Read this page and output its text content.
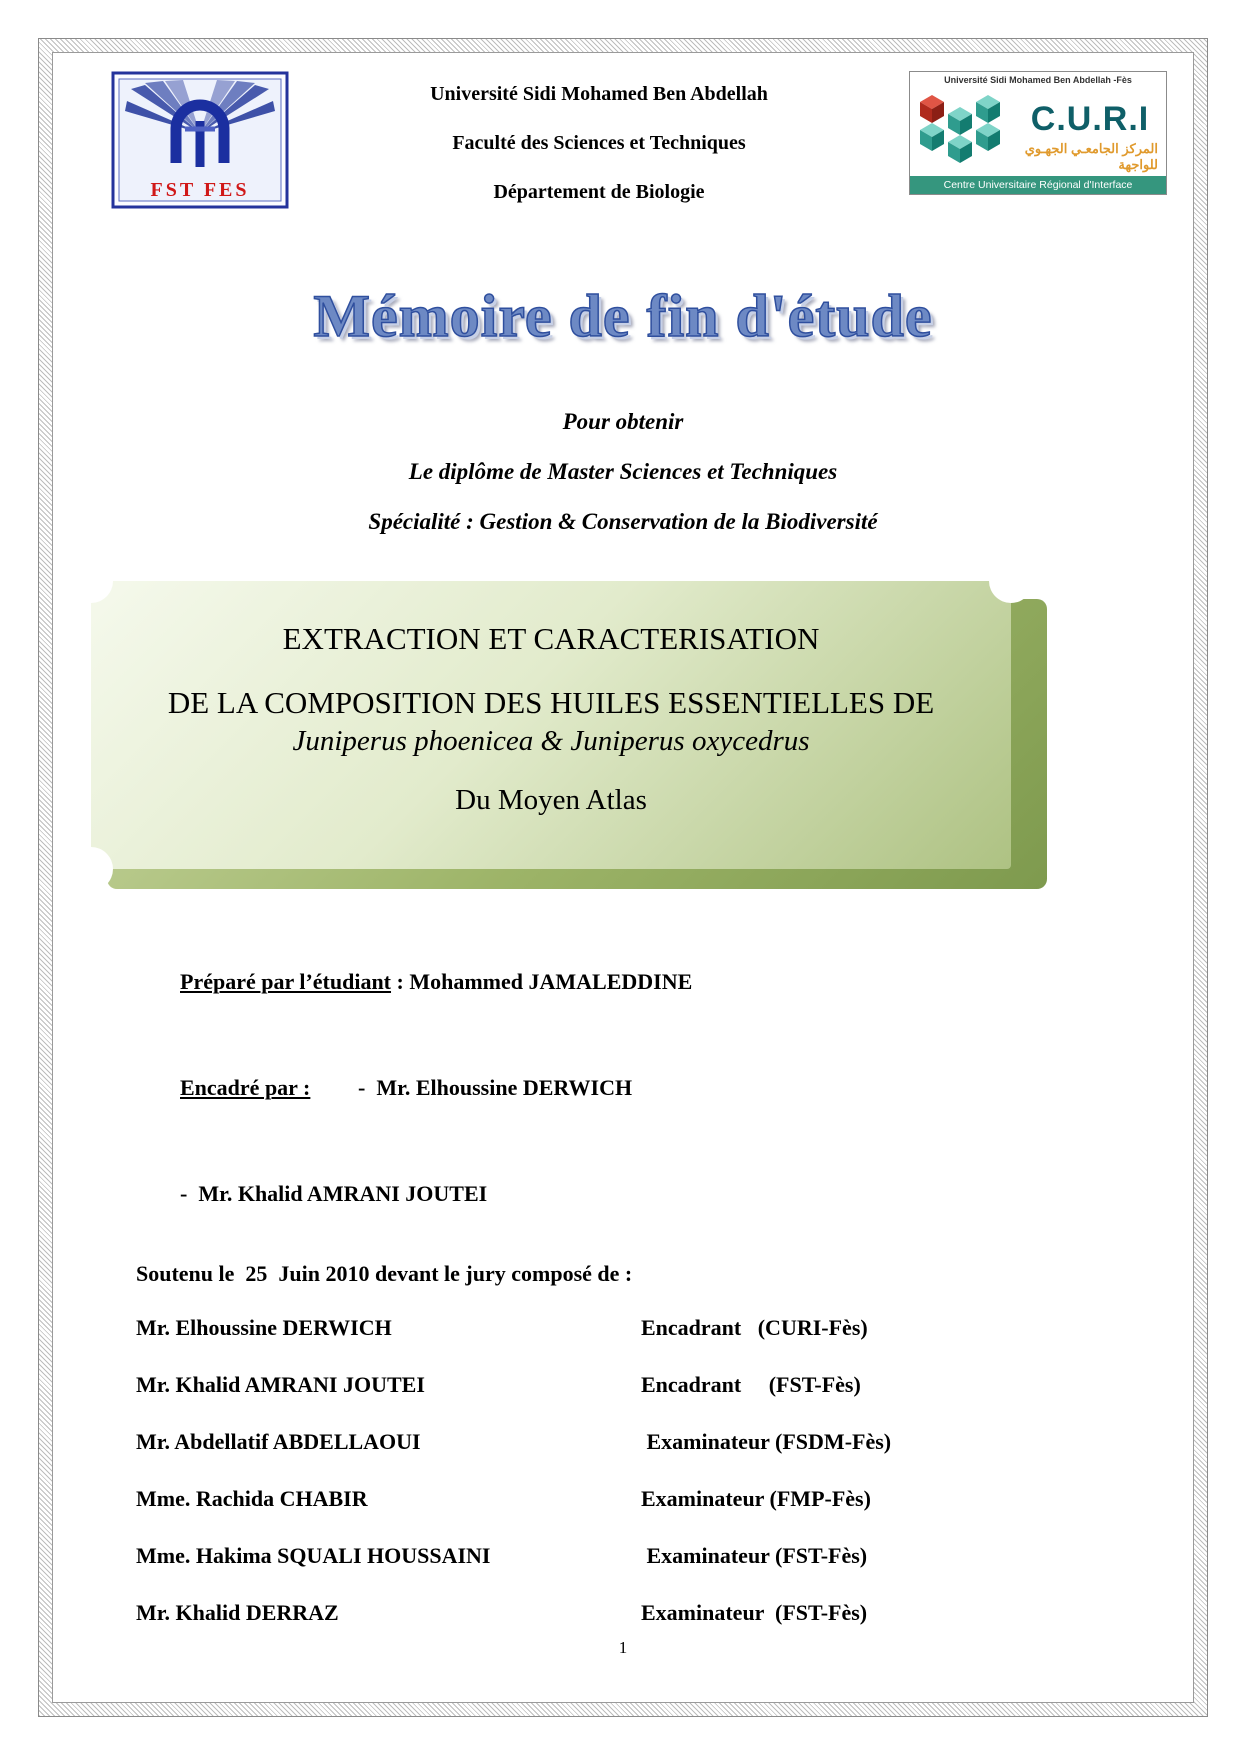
FST FES
Université Sidi Mohamed Ben Abdellah
Faculté des Sciences et Techniques
Département de Biologie
Université Sidi Mohamed Ben Abdellah -Fès
C.U.R.I
المركز الجامعـي الجهـوي للواجهة
Centre Universitaire Régional d'Interface
Mémoire de fin d'étude

Pour obtenir

Le diplôme de Master Sciences et Techniques

Spécialité : Gestion & Conservation de la Biodiversité

EXTRACTION ET CARACTERISATION

DE LA COMPOSITION DES HUILES ESSENTIELLES DE

Juniperus phoenicea & Juniperus oxycedrus

Du Moyen Atlas

Préparé par l’étudiant : Mohammed JAMALEDDINE

Encadré par : -  Mr. Elhoussine DERWICH

-  Mr. Khalid AMRANI JOUTEI

Soutenu le  25  Juin 2010 devant le jury composé de :
Mr. Elhoussine DERWICH	Encadrant   (CURI-Fès)
Mr. Khalid AMRANI JOUTEI	Encadrant     (FST-Fès)
Mr. Abdellatif ABDELLAOUI	Examinateur (FSDM-Fès)
Mme. Rachida CHABIR	Examinateur (FMP-Fès)
Mme. Hakima SQUALI HOUSSAINI	Examinateur (FST-Fès)
Mr. Khalid DERRAZ	Examinateur  (FST-Fès)
1
